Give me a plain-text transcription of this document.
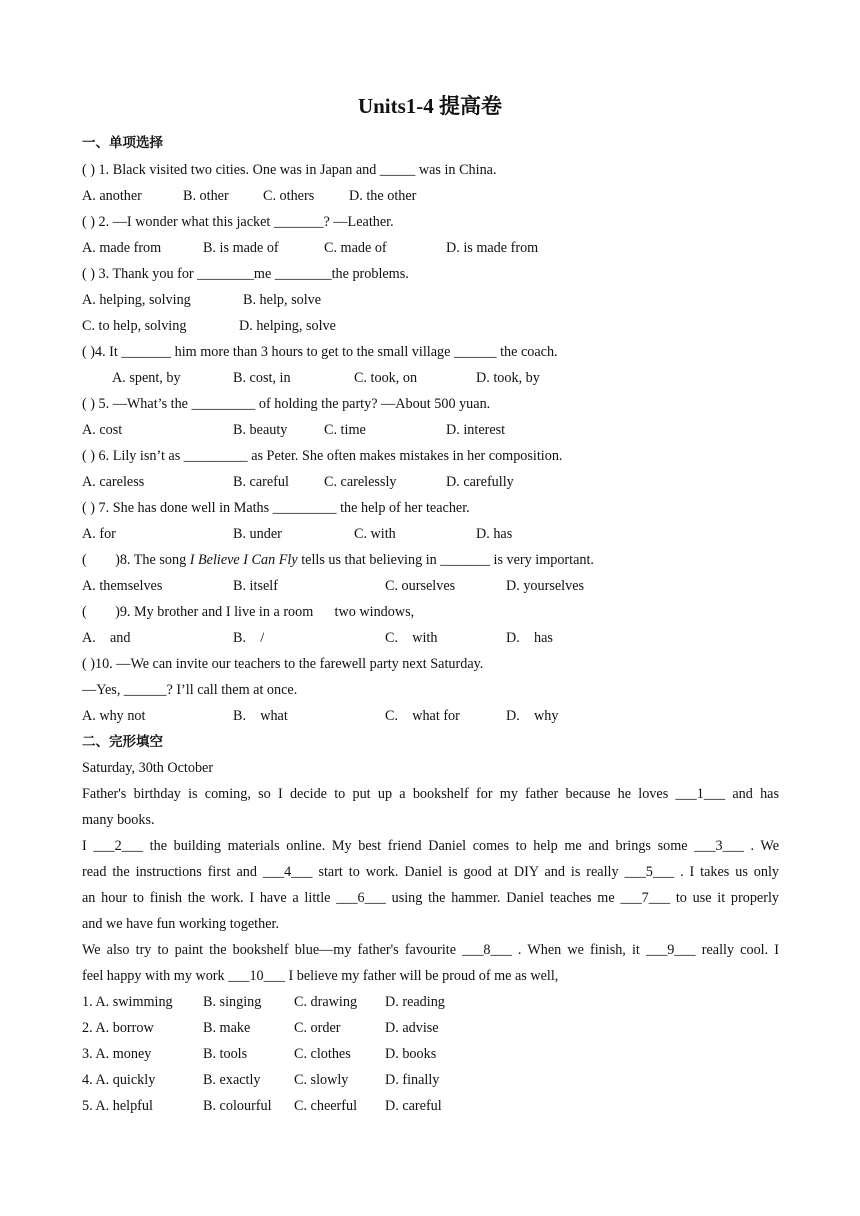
Units1-4 提高卷
一、单项选择
( ) 1. Black visited two cities. One was in Japan and _____ was in China.
A. another	B. other C. others D. the other
( ) 2. —I wonder what this jacket _______? —Leather.
A. made from	B. is made of	C. made of	D. is made from
( ) 3. Thank you for ________me ________the problems.
A. helping, solving	B. help, solve
C. to help, solving	D. helping, solve
( )4. It _______ him more than 3 hours to get to the small village ______ the coach.
A. spent, by	B. cost, in	C. took, on	D. took, by
( ) 5. —What’s the _________ of holding the party? —About 500 yuan.
A. cost	B. beauty	C. time	D. interest
( ) 6. Lily isn’t as _________ as Peter. She often makes mistakes in her composition.
A. careless	B. careful C. carelessly	D. carefully
( ) 7. She has done well in Maths _________ the help of her teacher.
A. for	B. under	C. with	D. has
(        )8. The song I Believe I Can Fly tells us that believing in _______ is very important.
A. themselves	B. itself	C. ourselves	D. yourselves
(        )9. My brother and I live in a room      two windows,
A.    and	B.    /	C.    with	D.    has
( )10. —We can invite our teachers to the farewell party next Saturday.
—Yes, ______? I’ll call them at once.
A. why not	B.    what	C.    what for	D.    why
二、完形填空
Saturday, 30th October
Father's birthday is coming, so I decide to put up a bookshelf for my father because he loves ___1___ and has
many books.
I ___2___ the building materials online. My best friend Daniel comes to help me and brings some ___3___ . We
read the instructions first and ___4___ start to work. Daniel is good at DIY and is really ___5___ . I takes us only
an hour to finish the work. I have a little ___6___ using the hammer. Daniel teaches me ___7___ to use it properly
and we have fun working together.
We also try to paint the bookshelf blue—my father's favourite ___8___ . When we finish, it ___9___ really cool. I
feel happy with my work ___10___ I believe my father will be proud of me as well,
1. A. swimming B. singing C. drawing D. reading
2. A. borrow	B. make	C. order	D. advise
3. A. money	B. tools	C. clothes D. books
4. A. quickly	B. exactly C. slowly	D. finally
5. A. helpful	B. colourful C. cheerful D. careful
